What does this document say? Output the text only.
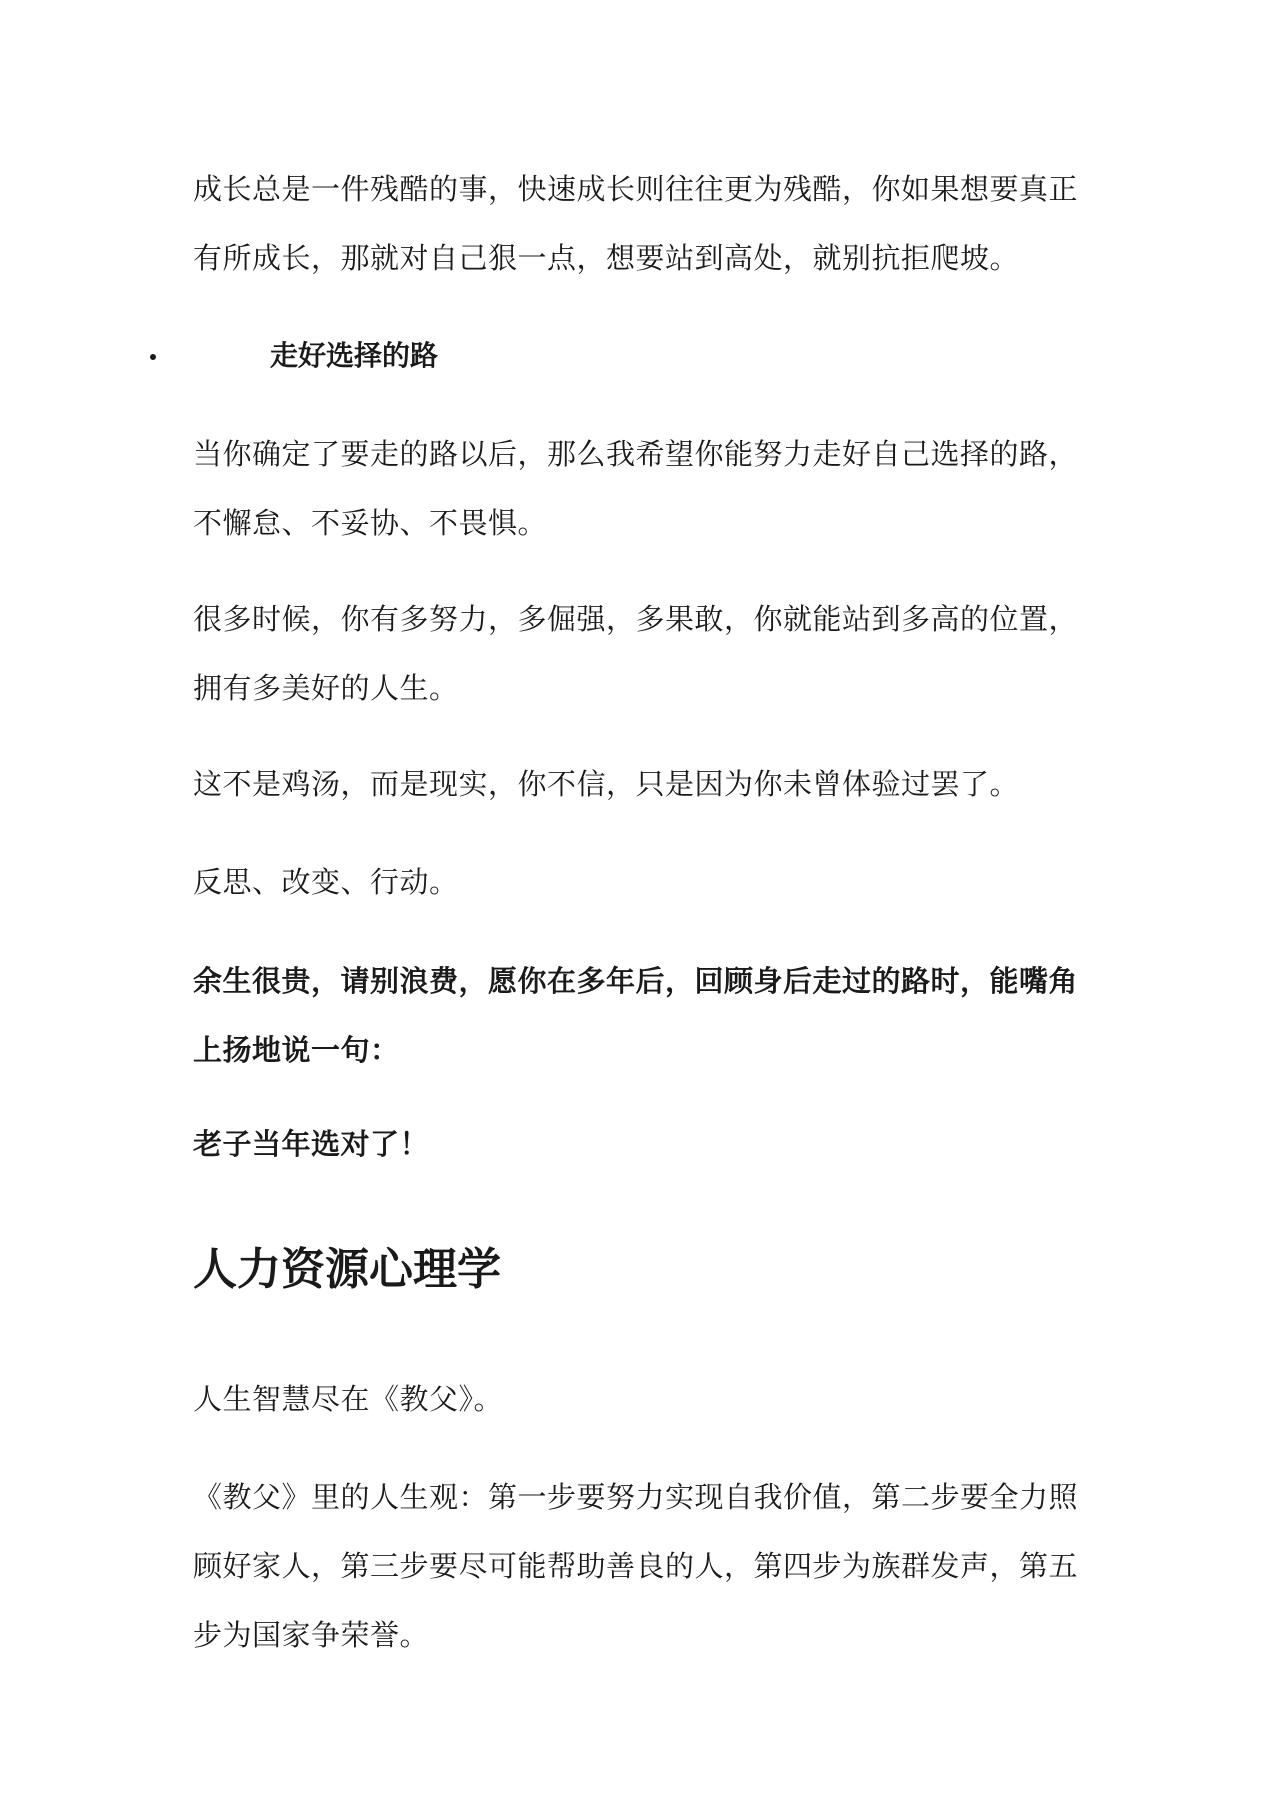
成长总是一件残酷的事，快速成长则往往更为残酷，你如果想要真正有所成长，那就对自己狠一点，想要站到高处，就别抗拒爬坡。

走好选择的路

当你确定了要走的路以后，那么我希望你能努力走好自己选择的路，不懈怠、不妥协、不畏惧。

很多时候，你有多努力，多倔强，多果敢，你就能站到多高的位置，拥有多美好的人生。

这不是鸡汤，而是现实，你不信，只是因为你未曾体验过罢了。

反思、改变、行动。

余生很贵，请别浪费，愿你在多年后，回顾身后走过的路时，能嘴角上扬地说一句：

老子当年选对了！

人力资源心理学

人生智慧尽在《教父》。

《教父》里的人生观：第一步要努力实现自我价值，第二步要全力照顾好家人，第三步要尽可能帮助善良的人，第四步为族群发声，第五步为国家争荣誉。
